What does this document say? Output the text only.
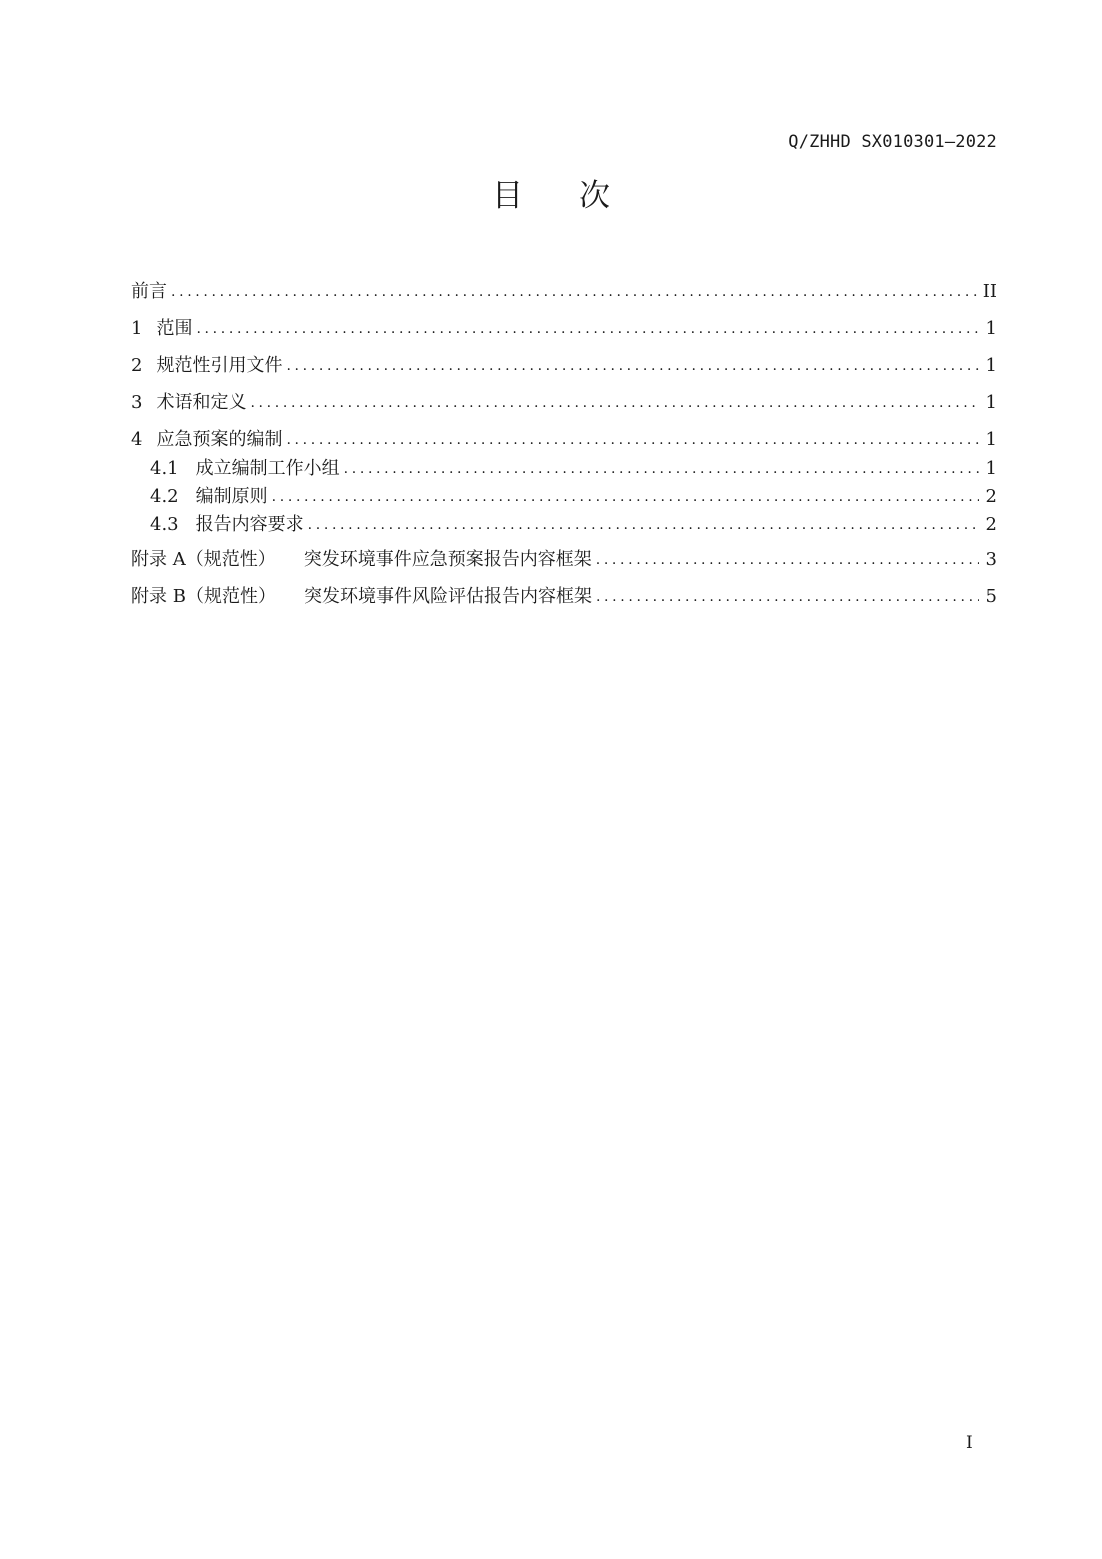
Q/ZHHD SX010301—2022
目次
前言 . . .	II
1 范围 . . .	1
2 规范性引用文件 . . .	1
3 术语和定义 . . .	1
4 应急预案的编制 . . .	1
4.1 成立编制工作小组 . . .	1
4.2 编制原则 . . .	2
4.3 报告内容要求 . . .	2
附录 A（规范性） 突发环境事件应急预案报告内容框架 . . .	3
附录 B（规范性） 突发环境事件风险评估报告内容框架 . . .	5
I
